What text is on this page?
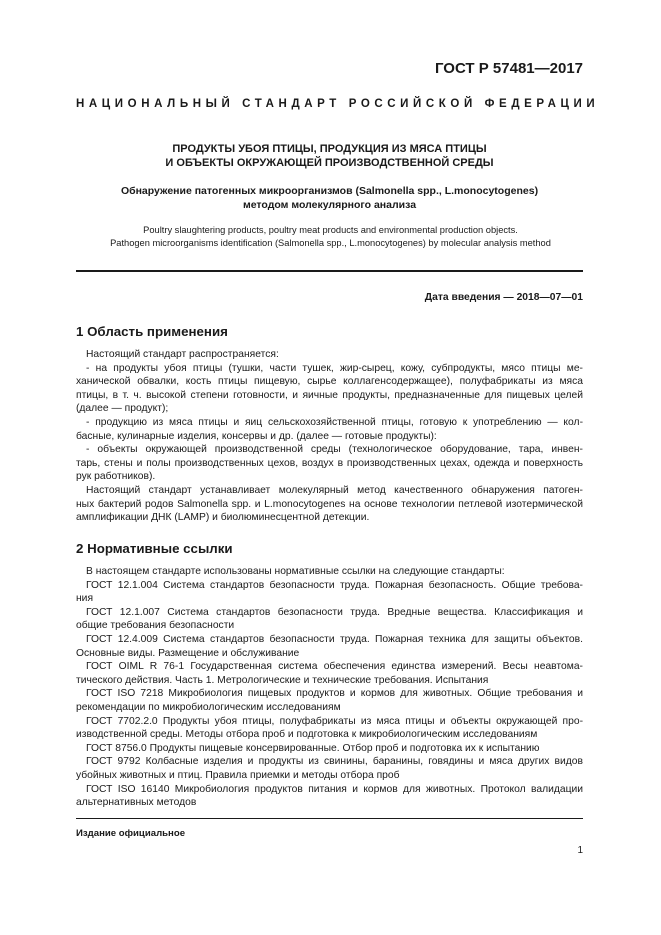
ГОСТ Р 57481—2017
НАЦИОНАЛЬНЫЙ СТАНДАРТ РОССИЙСКОЙ ФЕДЕРАЦИИ
ПРОДУКТЫ УБОЯ ПТИЦЫ, ПРОДУКЦИЯ ИЗ МЯСА ПТИЦЫ
И ОБЪЕКТЫ ОКРУЖАЮЩЕЙ ПРОИЗВОДСТВЕННОЙ СРЕДЫ
Обнаружение патогенных микроорганизмов (Salmonella spp., L.monocytogenes)
методом молекулярного анализа
Poultry slaughtering products, poultry meat products and environmental production objects.
Pathogen microorganisms identification (Salmonella spp., L.monocytogenes) by molecular analysis method
Дата введения — 2018—07—01
1 Область применения
Настоящий стандарт распространяется:
- на продукты убоя птицы (тушки, части тушек, жир-сырец, кожу, субпродукты, мясо птицы ме-
ханической обвалки, кость птицы пищевую, сырье коллагенсодержащее), полуфабрикаты из мяса
птицы, в т. ч. высокой степени готовности, и яичные продукты, предназначенные для пищевых целей
(далее — продукт);
- продукцию из мяса птицы и яиц сельскохозяйственной птицы, готовую к употреблению — кол-
басные, кулинарные изделия, консервы и др. (далее — готовые продукты):
- объекты окружающей производственной среды (технологическое оборудование, тара, инвен-
тарь, стены и полы производственных цехов, воздух в производственных цехах, одежда и поверхность
рук работников).
Настоящий стандарт устанавливает молекулярный метод качественного обнаружения патоген-
ных бактерий родов Salmonella spp. и L.monocytogenes на основе технологии петлевой изотермической
амплификации ДНК (LAMP) и биолюминесцентной детекции.
2 Нормативные ссылки
В настоящем стандарте использованы нормативные ссылки на следующие стандарты:
ГОСТ 12.1.004 Система стандартов безопасности труда. Пожарная безопасность. Общие требова-
ния
ГОСТ 12.1.007 Система стандартов безопасности труда. Вредные вещества. Классификация и
общие требования безопасности
ГОСТ 12.4.009 Система стандартов безопасности труда. Пожарная техника для защиты объектов.
Основные виды. Размещение и обслуживание
ГОСТ OIML R 76-1 Государственная система обеспечения единства измерений. Весы неавтома-
тического действия. Часть 1. Метрологические и технические требования. Испытания
ГОСТ ISO 7218 Микробиология пищевых продуктов и кормов для животных. Общие требования и
рекомендации по микробиологическим исследованиям
ГОСТ 7702.2.0 Продукты убоя птицы, полуфабрикаты из мяса птицы и объекты окружающей про-
изводственной среды. Методы отбора проб и подготовка к микробиологическим исследованиям
ГОСТ 8756.0 Продукты пищевые консервированные. Отбор проб и подготовка их к испытанию
ГОСТ 9792 Колбасные изделия и продукты из свинины, баранины, говядины и мяса других видов
убойных животных и птиц. Правила приемки и методы отбора проб
ГОСТ ISO 16140 Микробиология продуктов питания и кормов для животных. Протокол валидации
альтернативных методов
Издание официальное
1
